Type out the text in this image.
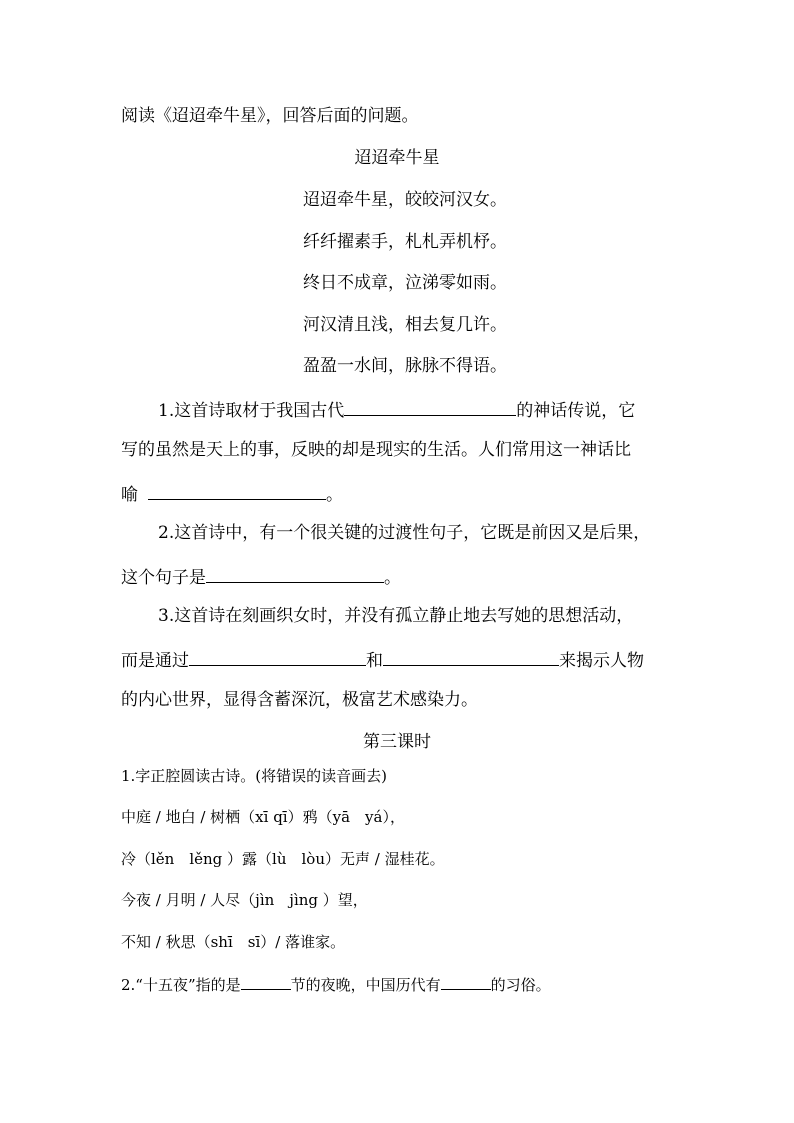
阅读《迢迢牵牛星》，回答后面的问题。
迢迢牵牛星
迢迢牵牛星，皎皎河汉女。
纤纤擢素手，札札弄机杼。
终日不成章，泣涕零如雨。
河汉清且浅，相去复几许。
盈盈一水间，脉脉不得语。
1.这首诗取材于我国古代	的神话传说，它
写的虽然是天上的事，反映的却是现实的生活。人们常用这一神话比
喻	。
2.这首诗中，有一个很关键的过渡性句子，它既是前因又是后果，
这个句子是	。
3.这首诗在刻画织女时，并没有孤立静止地去写她的思想活动，
而是通过	和	来揭示人物
的内心世界，显得含蓄深沉，极富艺术感染力。
第三课时
1.字正腔圆读古诗。(将错误的读音画去)
中庭 / 地白 / 树栖（xī qī）鸦（yā　yá），
冷（lěn　lěng ）露（lù　lòu）无声 / 湿桂花。
今夜 / 月明 / 人尽（jìn　jìng ）望，
不知 / 秋思（shī　sī）/ 落谁家。
2.“十五夜”指的是	节的夜晚，中国历代有	的习俗。
